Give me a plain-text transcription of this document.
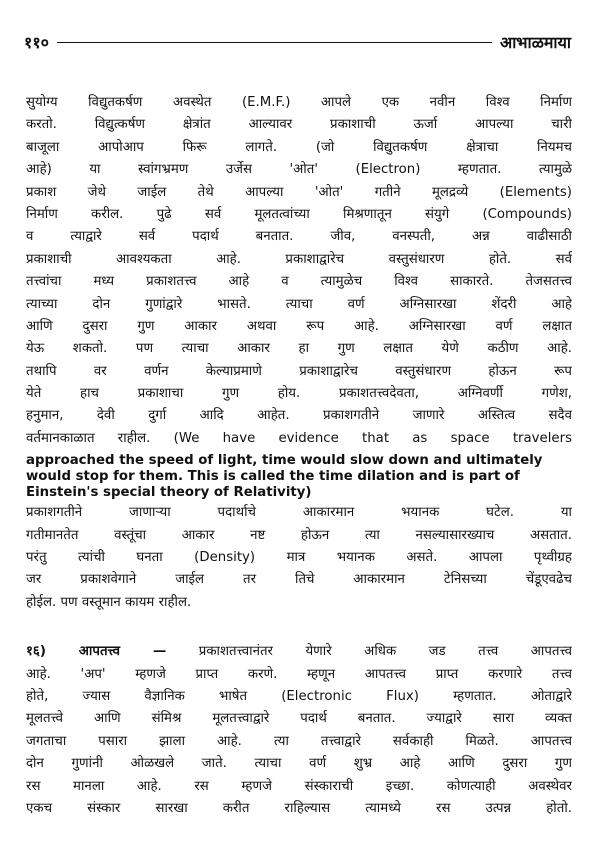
११०	आभाळमाया
सुयोग्य विद्युतकर्षण अवस्थेत (E.M.F.) आपले एक नवीन विश्व निर्माण
करतो. विद्युत्कर्षण क्षेत्रांत आल्यावर प्रकाशाची ऊर्जा आपल्या चारी
बाजूला आपोआप फिरू लागते. (जो विद्युतकर्षण क्षेत्राचा नियमच
आहे) या स्वांगभ्रमण उर्जेस 'ओत' (Electron) म्हणतात. त्यामुळे
प्रकाश जेथे जाईल तेथे आपल्या 'ओत' गतीने मूलद्रव्ये (Elements)
निर्माण करील. पुढे सर्व मूलतत्वांच्या मिश्रणातून संयुगे (Compounds)
व त्याद्वारे सर्व पदार्थ बनतात. जीव, वनस्पती, अन्न वाढीसाठी
प्रकाशाची आवश्यकता आहे. प्रकाशाद्वारेच वस्तुसंधारण होते. सर्व
तत्त्वांचा मध्य प्रकाशतत्त्व आहे व त्यामुळेच विश्व साकारते. तेजसतत्त्व
त्याच्या दोन गुणांद्वारे भासते. त्याचा वर्ण अग्निसारखा शेंदरी आहे
आणि दुसरा गुण आकार अथवा रूप आहे. अग्निसारखा वर्ण लक्षात
येऊ शकतो. पण त्याचा आकार हा गुण लक्षात येणे कठीण आहे.
तथापि वर वर्णन केल्याप्रमाणे प्रकाशाद्वारेच वस्तुसंधारण होऊन रूप
येते हाच प्रकाशाचा गुण होय. प्रकाशतत्त्वदेवता, अग्निवर्णी गणेश,
हनुमान, देवी दुर्गा आदि आहेत. प्रकाशगतीने जाणारे अस्तित्व सदैव
वर्तमानकाळात राहील. (We have evidence that as space travelers
approached the speed of light, time would slow down and ultimately
would stop for them. This is called the time dilation and is part of
Einstein's special theory of Relativity)
प्रकाशगतीने जाणाऱ्या पदार्थाचे आकारमान भयानक घटेल. या
गतीमानतेत वस्तूंचा आकार नष्ट होऊन त्या नसल्यासारख्याच असतात.
परंतु त्यांची घनता (Density) मात्र भयानक असते. आपला पृथ्वीग्रह
जर प्रकाशवेगाने जाईल तर तिचे आकारमान टेनिसच्या चेंडूएवढेच
होईल. पण वस्तूमान कायम राहील.
१६) आपतत्त्व — प्रकाशतत्त्वानंतर येणारे अधिक जड तत्त्व आपतत्त्व
आहे. 'अप' म्हणजे प्राप्त करणे. म्हणून आपतत्त्व प्राप्त करणारे तत्त्व
होते, ज्यास वैज्ञानिक भाषेत (Electronic Flux) म्हणतात. ओताद्वारे
मूलतत्त्वे आणि संमिश्र मूलतत्त्वाद्वारे पदार्थ बनतात. ज्याद्वारे सारा व्यक्त
जगताचा पसारा झाला आहे. त्या तत्त्वाद्वारे सर्वकाही मिळते. आपतत्त्व
दोन गुणांनी ओळखले जाते. त्याचा वर्ण शुभ्र आहे आणि दुसरा गुण
रस मानला आहे. रस म्हणजे संस्काराची इच्छा. कोणत्याही अवस्थेवर
एकच संस्कार सारखा करीत राहिल्यास त्यामध्ये रस उत्पन्न होतो.
